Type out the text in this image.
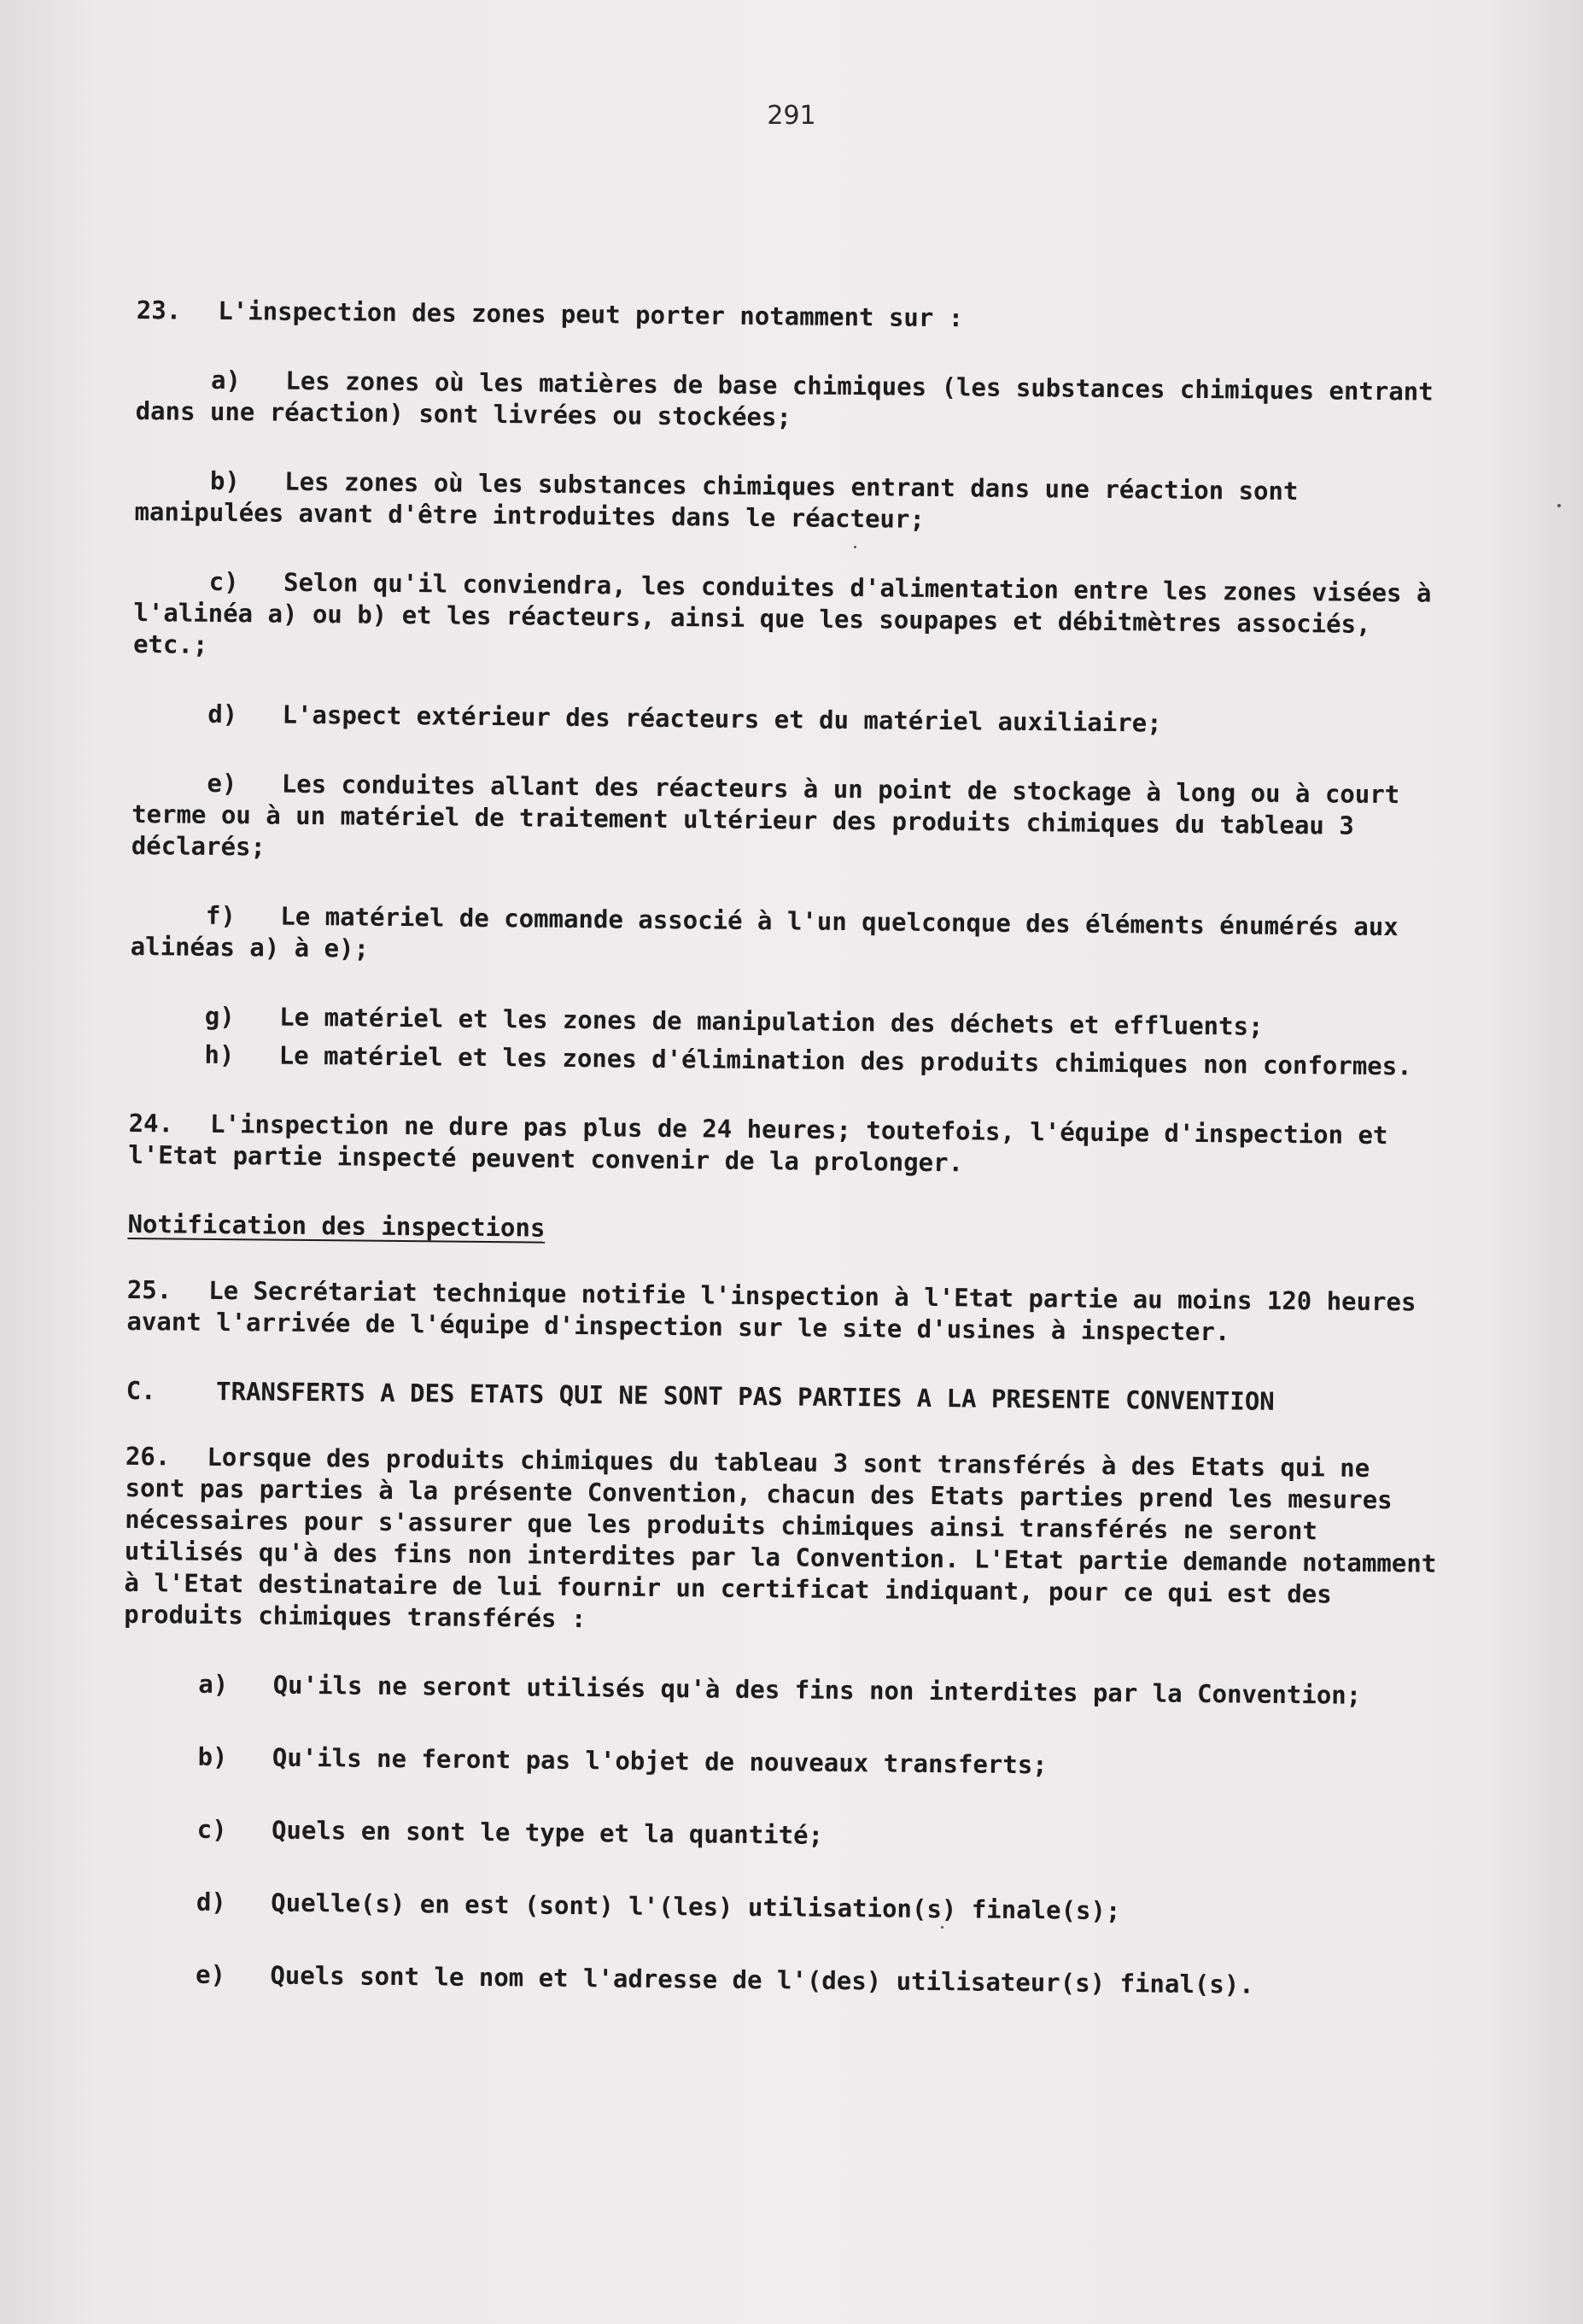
291

23. L'inspection des zones peut porter notamment sur :

a) Les zones où les matières de base chimiques (les substances chimiques entrant dans une réaction) sont livrées ou stockées;

b) Les zones où les substances chimiques entrant dans une réaction sont manipulées avant d'être introduites dans le réacteur;

c) Selon qu'il conviendra, les conduites d'alimentation entre les zones visées à l'alinéa a) ou b) et les réacteurs, ainsi que les soupapes et débitmètres associés, etc.;

d) L'aspect extérieur des réacteurs et du matériel auxiliaire;

e) Les conduites allant des réacteurs à un point de stockage à long ou à court terme ou à un matériel de traitement ultérieur des produits chimiques du tableau 3 déclarés;

f) Le matériel de commande associé à l'un quelconque des éléments énumérés aux alinéas a) à e);

g) Le matériel et les zones de manipulation des déchets et effluents;

h) Le matériel et les zones d'élimination des produits chimiques non conformes.

24. L'inspection ne dure pas plus de 24 heures; toutefois, l'équipe d'inspection et l'Etat partie inspecté peuvent convenir de la prolonger.

Notification des inspections

25. Le Secrétariat technique notifie l'inspection à l'Etat partie au moins 120 heures avant l'arrivée de l'équipe d'inspection sur le site d'usines à inspecter.

C. TRANSFERTS A DES ETATS QUI NE SONT PAS PARTIES A LA PRESENTE CONVENTION

26. Lorsque des produits chimiques du tableau 3 sont transférés à des Etats qui ne sont pas parties à la présente Convention, chacun des Etats parties prend les mesures nécessaires pour s'assurer que les produits chimiques ainsi transférés ne seront utilisés qu'à des fins non interdites par la Convention. L'Etat partie demande notamment à l'Etat destinataire de lui fournir un certificat indiquant, pour ce qui est des produits chimiques transférés :

a) Qu'ils ne seront utilisés qu'à des fins non interdites par la Convention;

b) Qu'ils ne feront pas l'objet de nouveaux transferts;

c) Quels en sont le type et la quantité;

d) Quelle(s) en est (sont) l'(les) utilisation(s) finale(s);

e) Quels sont le nom et l'adresse de l'(des) utilisateur(s) final(s).
